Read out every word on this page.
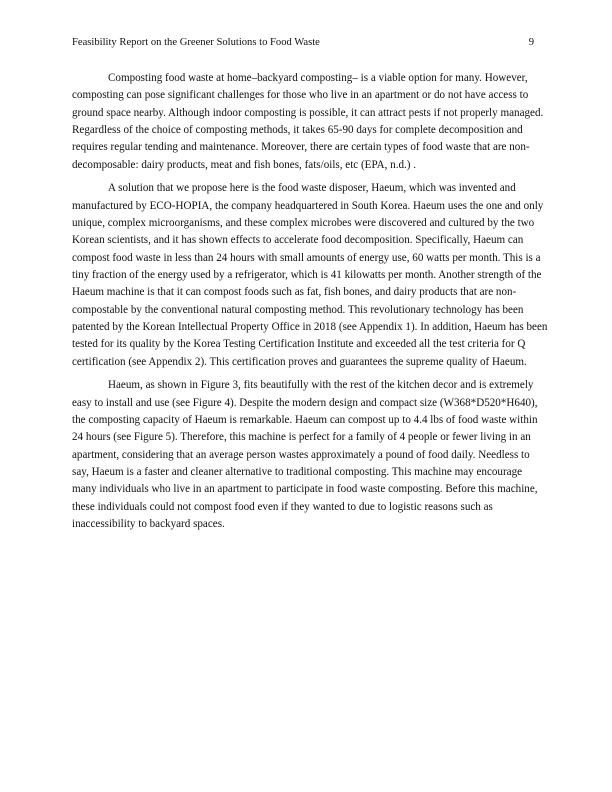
Feasibility Report on the Greener Solutions to Food Waste	9

Composting food waste at home–backyard composting– is a viable option for many. However, composting can pose significant challenges for those who live in an apartment or do not have access to ground space nearby. Although indoor composting is possible, it can attract pests if not properly managed. Regardless of the choice of composting methods, it takes 65-90 days for complete decomposition and requires regular tending and maintenance. Moreover, there are certain types of food waste that are non-decomposable: dairy products, meat and fish bones, fats/oils, etc (EPA, n.d.) .

A solution that we propose here is the food waste disposer, Haeum, which was invented and manufactured by ECO-HOPIA, the company headquartered in South Korea. Haeum uses the one and only unique, complex microorganisms, and these complex microbes were discovered and cultured by the two Korean scientists, and it has shown effects to accelerate food decomposition. Specifically, Haeum can compost food waste in less than 24 hours with small amounts of energy use, 60 watts per month. This is a tiny fraction of the energy used by a refrigerator, which is 41 kilowatts per month. Another strength of the Haeum machine is that it can compost foods such as fat, fish bones, and dairy products that are non-compostable by the conventional natural composting method. This revolutionary technology has been patented by the Korean Intellectual Property Office in 2018 (see Appendix 1). In addition, Haeum has been tested for its quality by the Korea Testing Certification Institute and exceeded all the test criteria for Q certification (see Appendix 2). This certification proves and guarantees the supreme quality of Haeum.

Haeum, as shown in Figure 3, fits beautifully with the rest of the kitchen decor and is extremely easy to install and use (see Figure 4). Despite the modern design and compact size (W368*D520*H640), the composting capacity of Haeum is remarkable. Haeum can compost up to 4.4 lbs of food waste within 24 hours (see Figure 5). Therefore, this machine is perfect for a family of 4 people or fewer living in an apartment, considering that an average person wastes approximately a pound of food daily. Needless to say, Haeum is a faster and cleaner alternative to traditional composting. This machine may encourage many individuals who live in an apartment to participate in food waste composting. Before this machine, these individuals could not compost food even if they wanted to due to logistic reasons such as inaccessibility to backyard spaces.
